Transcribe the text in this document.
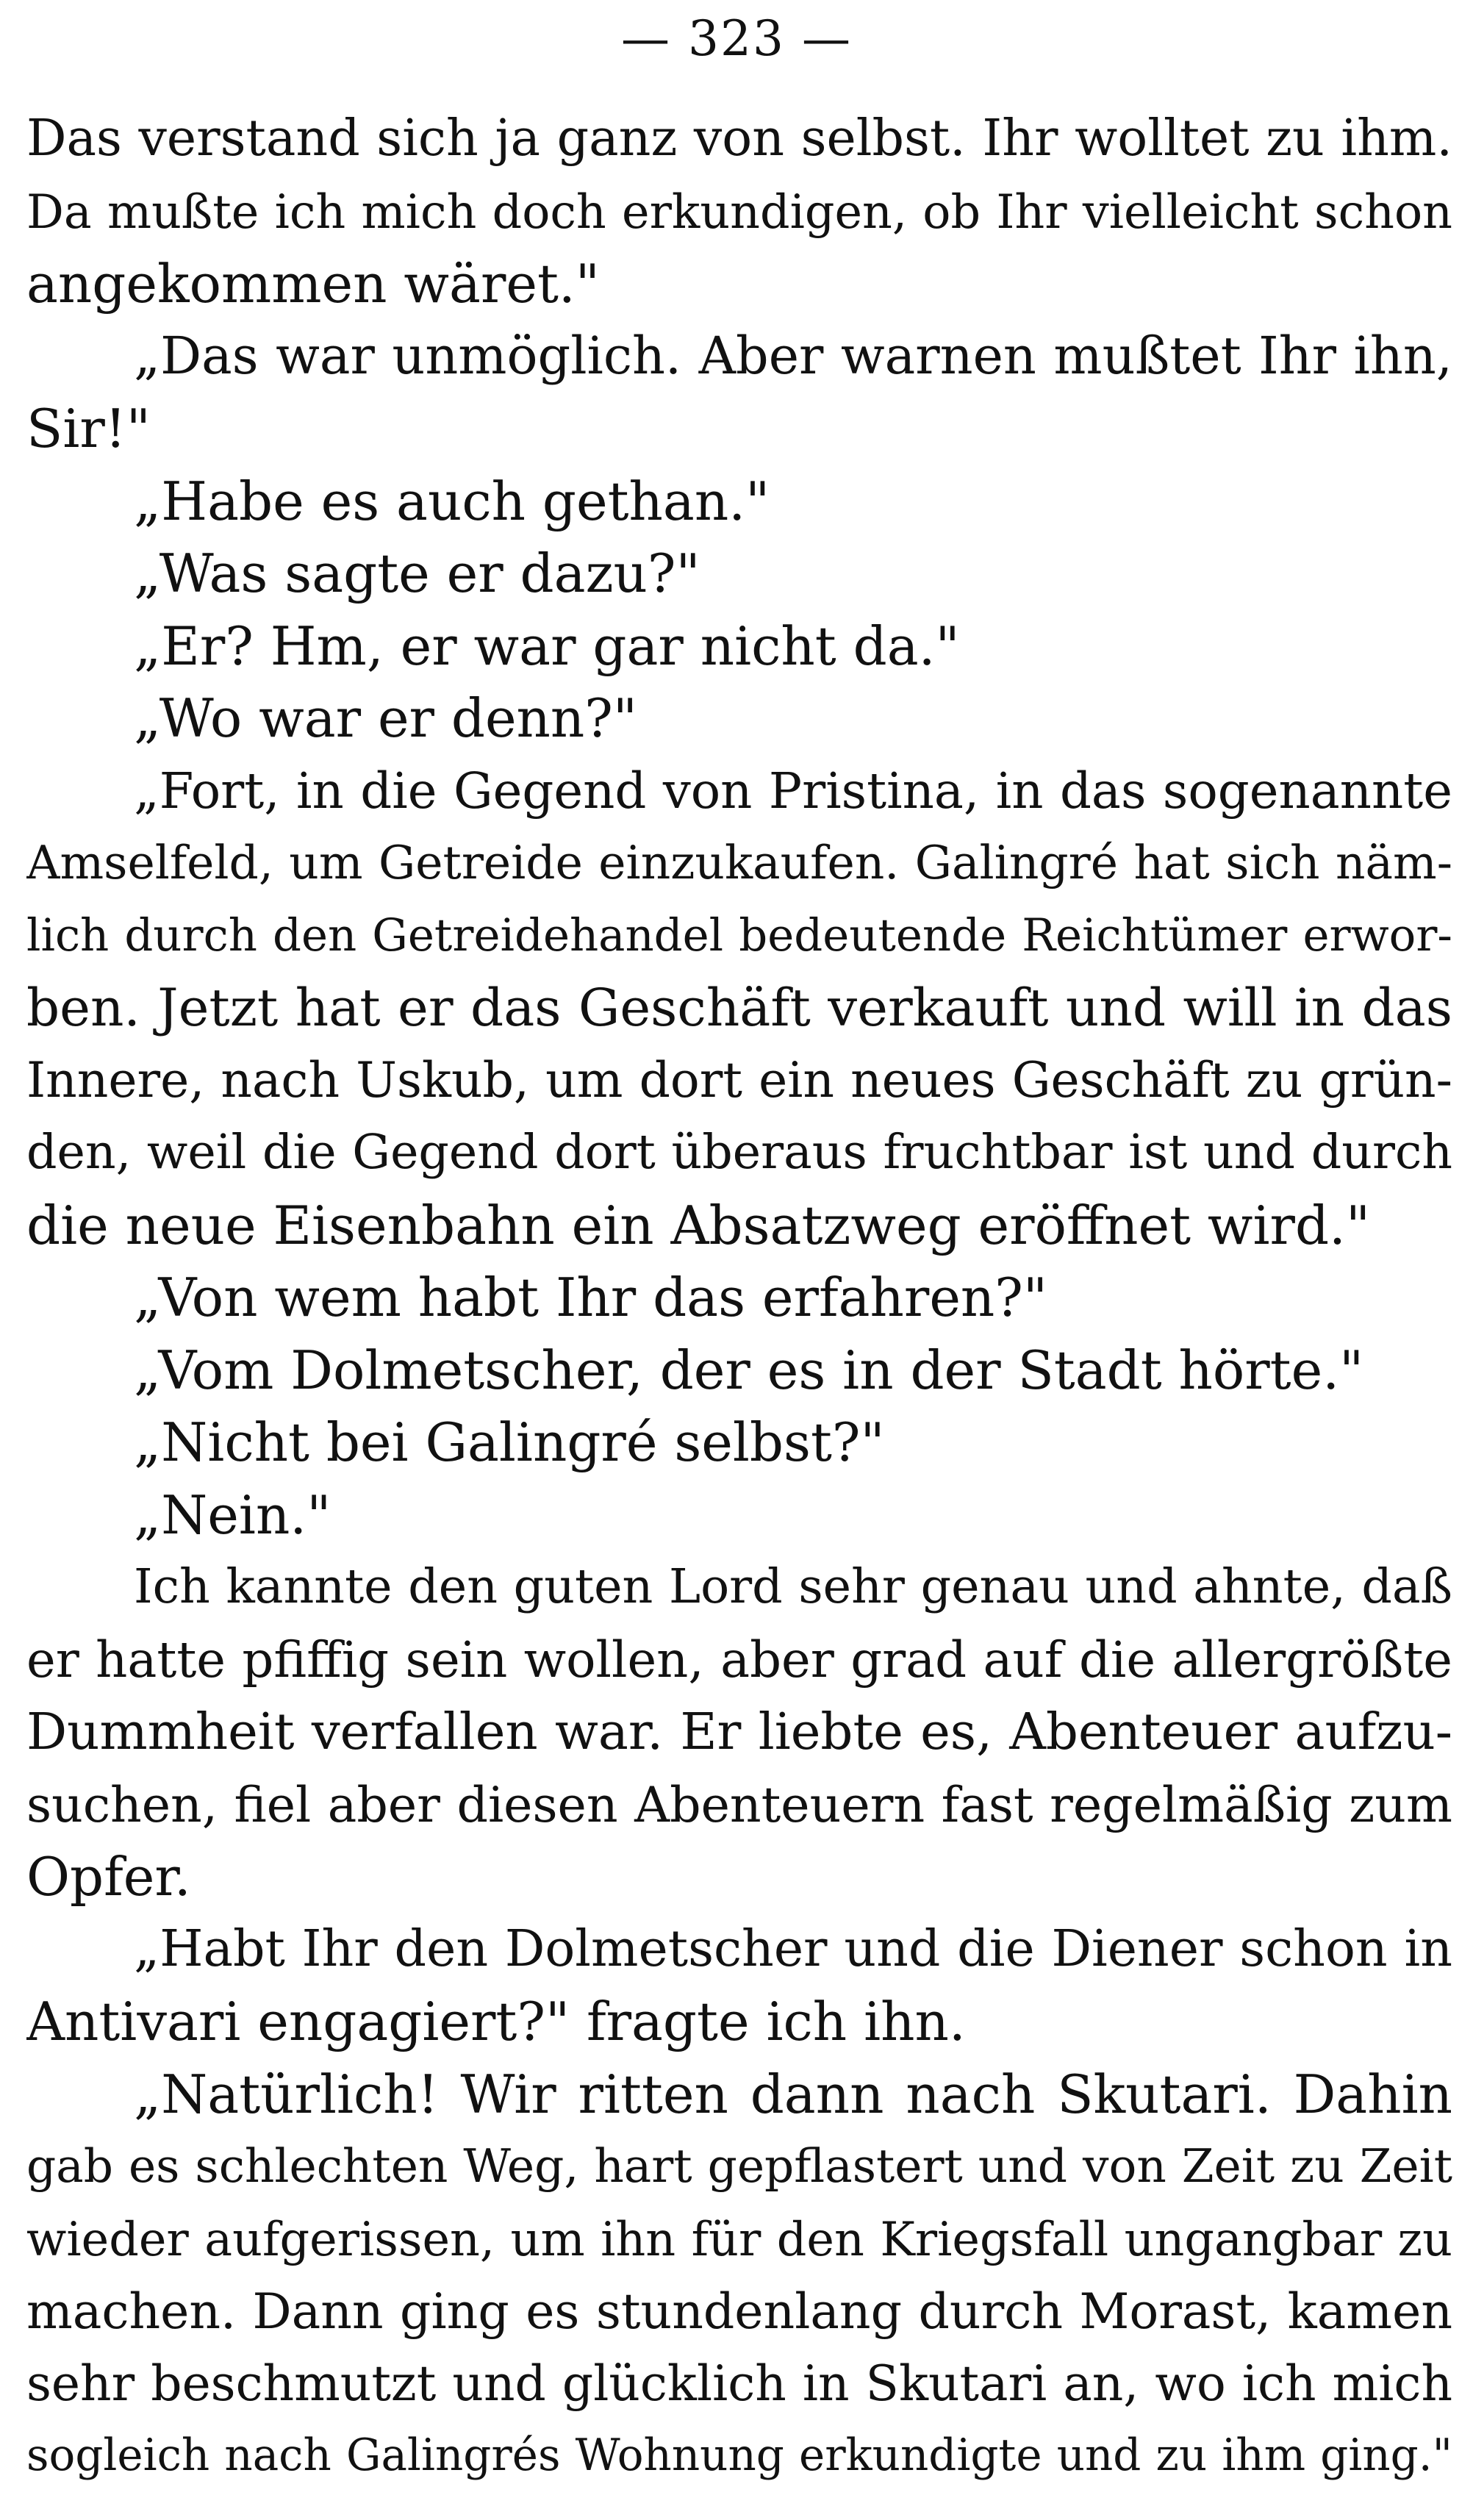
— 323 —
Das verstand sich ja ganz von selbst. Ihr wolltet zu ihm.
Da mußte ich mich doch erkundigen, ob Ihr vielleicht schon
angekommen wäret."
„Das war unmöglich. Aber warnen mußtet Ihr ihn,
Sir!"
„Habe es auch gethan."
„Was sagte er dazu?"
„Er? Hm, er war gar nicht da."
„Wo war er denn?"
„Fort, in die Gegend von Pristina, in das sogenannte
Amselfeld, um Getreide einzukaufen. Galingré hat sich näm-
lich durch den Getreidehandel bedeutende Reichtümer erwor-
ben. Jetzt hat er das Geschäft verkauft und will in das
Innere, nach Uskub, um dort ein neues Geschäft zu grün-
den, weil die Gegend dort überaus fruchtbar ist und durch
die neue Eisenbahn ein Absatzweg eröffnet wird."
„Von wem habt Ihr das erfahren?"
„Vom Dolmetscher, der es in der Stadt hörte."
„Nicht bei Galingré selbst?"
„Nein."
Ich kannte den guten Lord sehr genau und ahnte, daß
er hatte pfiffig sein wollen, aber grad auf die allergrößte
Dummheit verfallen war. Er liebte es, Abenteuer aufzu-
suchen, fiel aber diesen Abenteuern fast regelmäßig zum
Opfer.
„Habt Ihr den Dolmetscher und die Diener schon in
Antivari engagiert?" fragte ich ihn.
„Natürlich! Wir ritten dann nach Skutari. Dahin
gab es schlechten Weg, hart gepflastert und von Zeit zu Zeit
wieder aufgerissen, um ihn für den Kriegsfall ungangbar zu
machen. Dann ging es stundenlang durch Morast, kamen
sehr beschmutzt und glücklich in Skutari an, wo ich mich
sogleich nach Galingrés Wohnung erkundigte und zu ihm ging."
